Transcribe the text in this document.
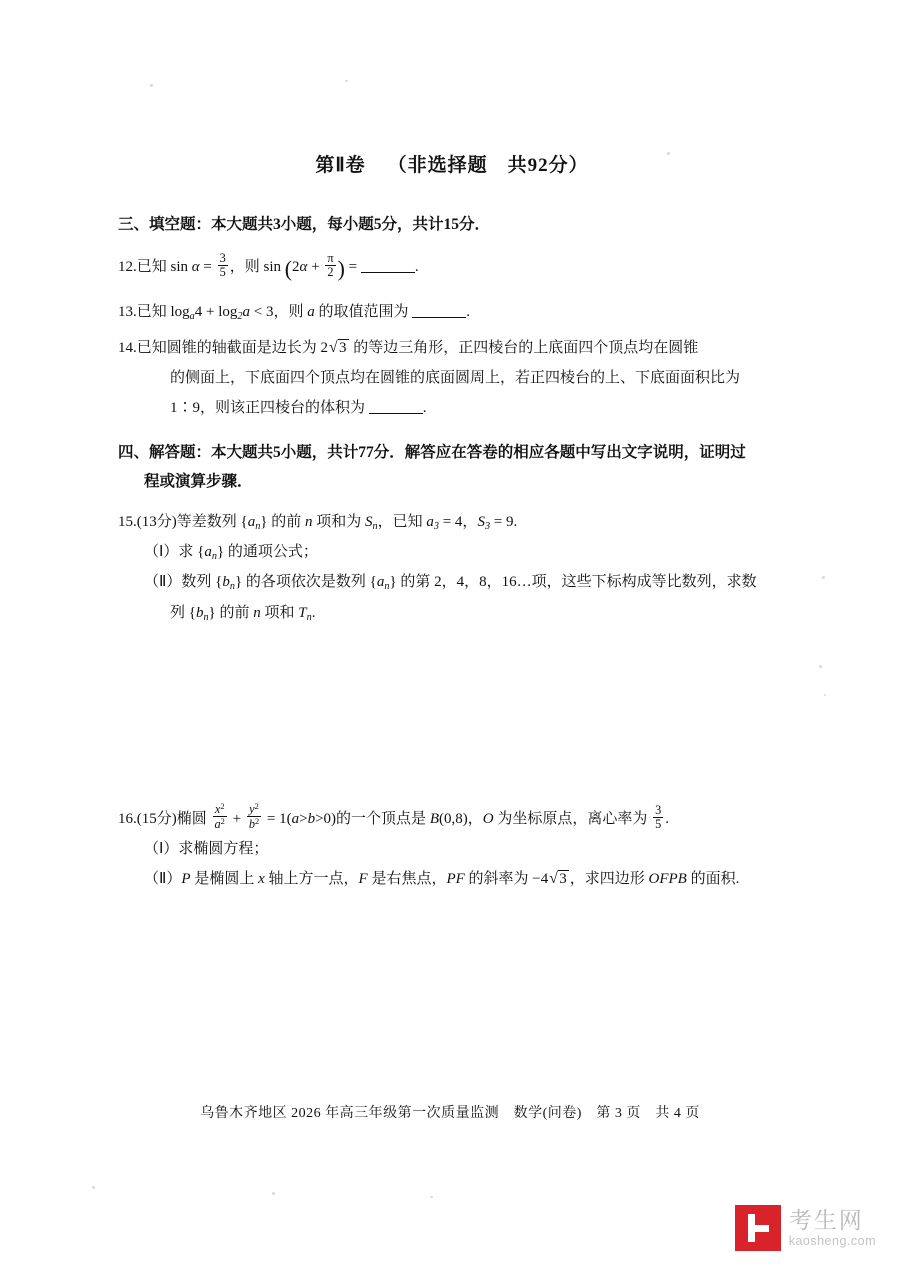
第Ⅱ卷 （非选择题　共92分）
三、填空题：本大题共3小题，每小题5分，共计15分．
12.已知 $\sin \alpha = \frac{3}{5}$ ，则 $\sin (2\alpha + \frac{\pi}{2}$ ) =	.
13.已知 $\log_a4 + \log_2a < 3$，则 a 的取值范围为	.
14.已知圆锥的轴截面是边长为 2 √ 3 的等边三角形，正四棱台的上底面四个顶点均在圆锥
的侧面上，下底面四个顶点均在圆锥的底面圆周上，若正四棱台的上、下底面面积比为
1∶9，则该正四棱台的体积为	.
四、解答题：本大题共5小题，共计77分．解答应在答卷的相应各题中写出文字说明，证明过
程或演算步骤．
15.(13分)等差数列 $\{a_n\}$ 的前 n 项和为 $S_n$，已知 $a_3 = 4$，$S_3 = 9$.
（Ⅰ）求 $\{a_n\}$ 的通项公式；
（Ⅱ）数列 $\{b_n\}$ 的各项依次是数列 $\{a_n\}$ 的第 2，4，8，16…项，这些下标构成等比数列，求数
列 $\{b_n\}$ 的前 n 项和 $T_n$.
16.(15分)椭圆 $\frac{x^2}{a^2} + \frac{y^2}{b^2} = 1(a>b>0)$的一个顶点是 B(0,8)，O 为坐标原点，离心率为 $\frac{3}{5}$ .
（Ⅰ）求椭圆方程；
（Ⅱ）P 是椭圆上 x 轴上方一点，F 是右焦点，PF 的斜率为 −4 √ 3 ，求四边形 OFPB 的面积.
乌鲁木齐地区 2026 年高三年级第一次质量监测　数学(问卷)　第 3 页　共 4 页
考生网
kaosheng.com
